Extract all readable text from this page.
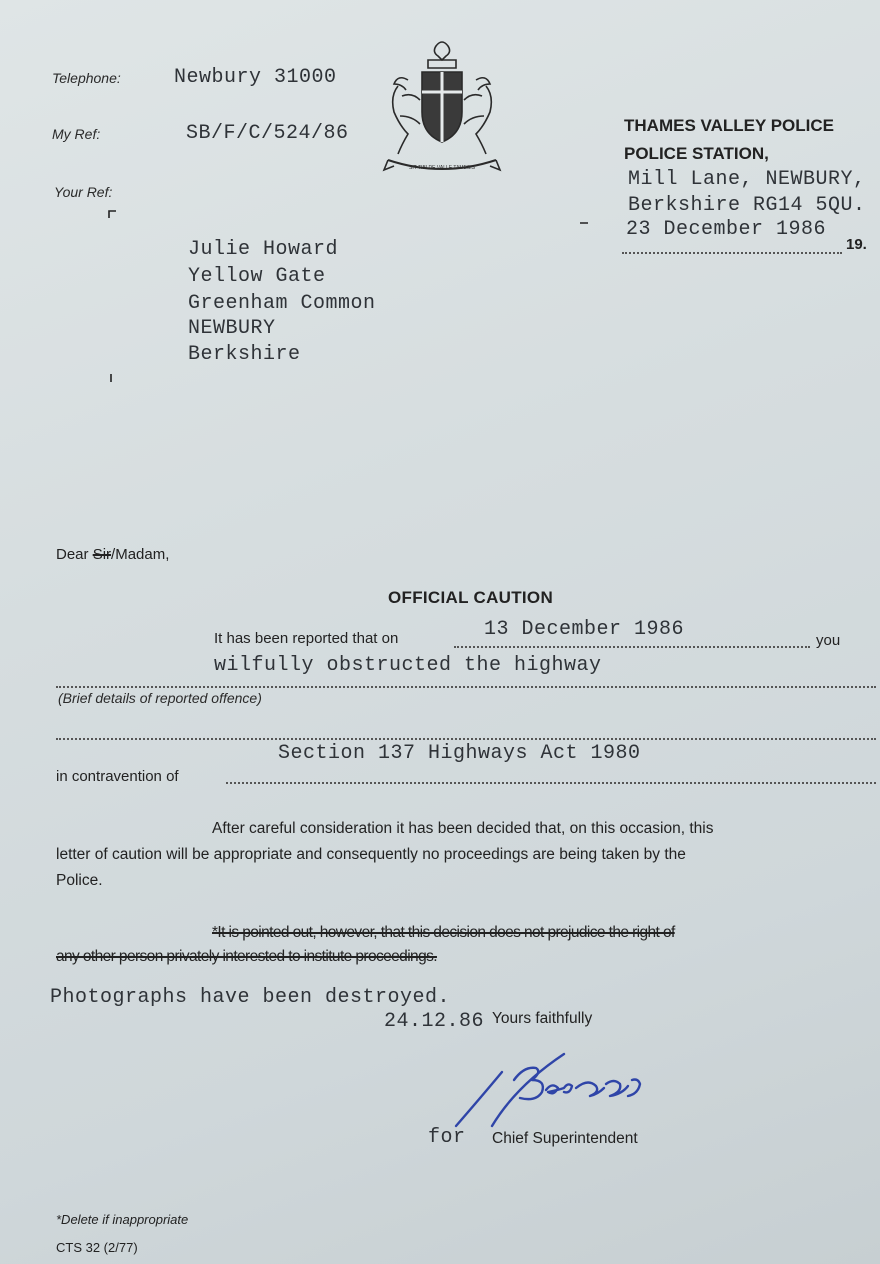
Telephone:	Newbury 31000
My Ref:	SB/F/C/524/86
Your Ref:
SIT TIBI DE VALLE TAMESIS
THAMES VALLEY POLICE
POLICE STATION,
Mill Lane, NEWBURY,
Berkshire RG14 5QU.
23 December 1986
19.
Julie Howard
Yellow Gate
Greenham Common
NEWBURY
Berkshire
Dear Sir/Madam,
OFFICIAL CAUTION
It has been reported that on	13 December 1986	you
wilfully obstructed the highway
(Brief details of reported offence)
Section 137 Highways Act 1980
in contravention of
After careful consideration it has been decided that, on this occasion, this
letter of caution will be appropriate and consequently no proceedings are being taken by the
Police.
*It is pointed out, however, that this decision does not prejudice the right of
any other person privately interested to institute proceedings.
Photographs have been destroyed.
24.12.86 Yours faithfully
for Chief Superintendent
*Delete if inappropriate
CTS 32 (2/77)
